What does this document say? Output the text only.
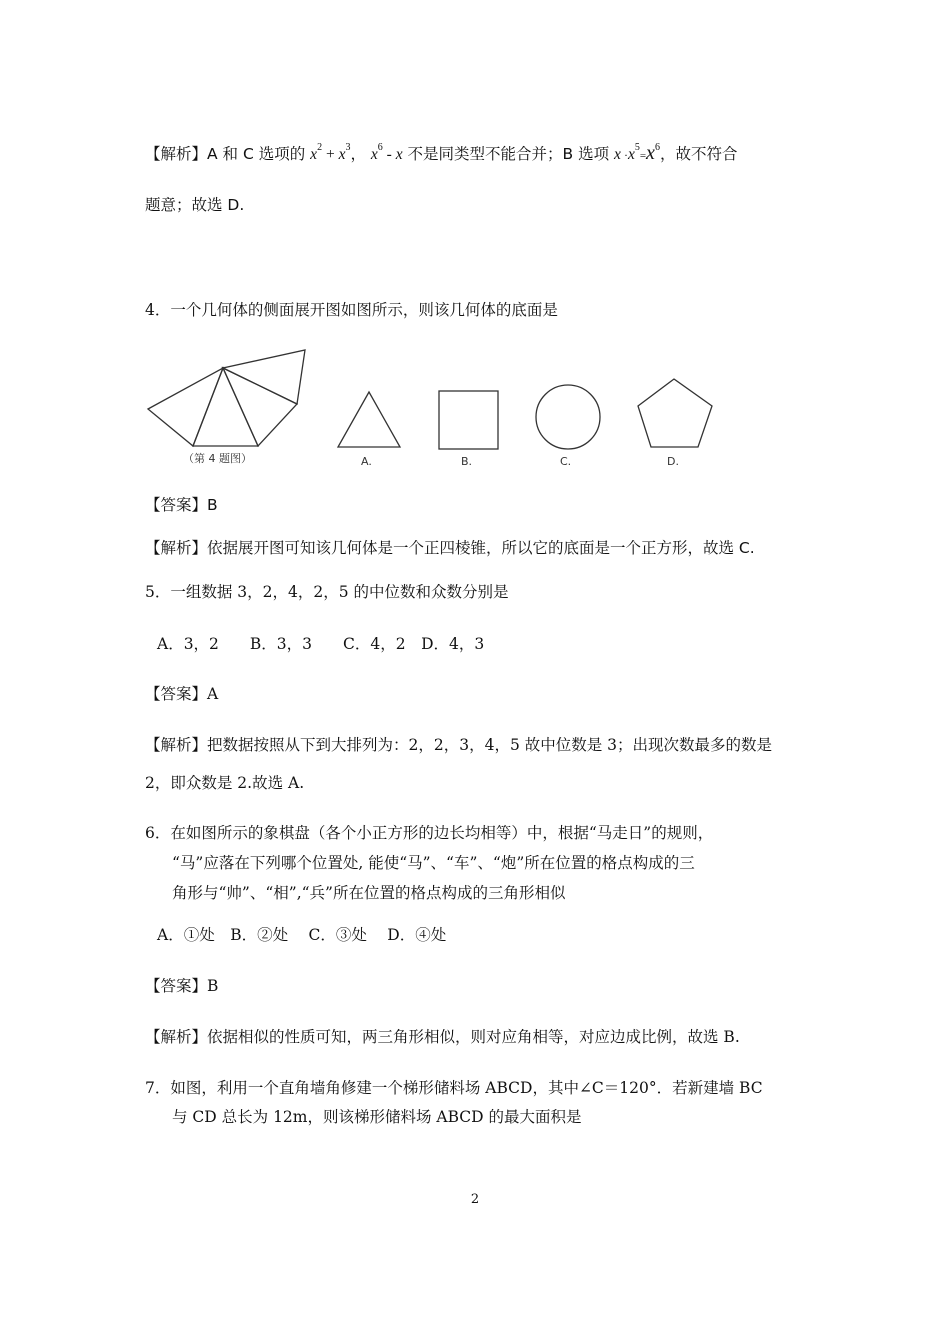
【解析】A 和 C 选项的 $x^2 + x^3$， $x^6$ - x 不是同类型不能合并；B 选项 $x \cdot x^5=x^6$，故不符合
题意；故选 D.
4．一个几何体的侧面展开图如图所示，则该几何体的底面是
（第 4 题图）	A.	B.	C.	D.
【答案】B
【解析】依据展开图可知该几何体是一个正四棱锥，所以它的底面是一个正方形，故选 C.
5．一组数据 3，2，4，2，5 的中位数和众数分别是
A．3，2　　B．3，3　　C．4，2　D．4，3
【答案】A
【解析】把数据按照从下到大排列为：2，2，3，4，5 故中位数是 3；出现次数最多的数是
2，即众数是 2.故选 A.
6．在如图所示的象棋盘（各个小正方形的边长均相等）中，根据“马走日”的规则，
“马”应落在下列哪个位置处, 能使“马”、“车”、“炮”所在位置的格点构成的三
角形与“帅”、“相”,“兵”所在位置的格点构成的三角形相似
A．①处　B．②处　 C．③处　 D．④处
【答案】B
【解析】依据相似的性质可知，两三角形相似，则对应角相等，对应边成比例，故选 B.
7．如图，利用一个直角墙角修建一个梯形储料场 ABCD，其中∠C＝120°．若新建墙 BC
与 CD 总长为 12m，则该梯形储料场 ABCD 的最大面积是
2
